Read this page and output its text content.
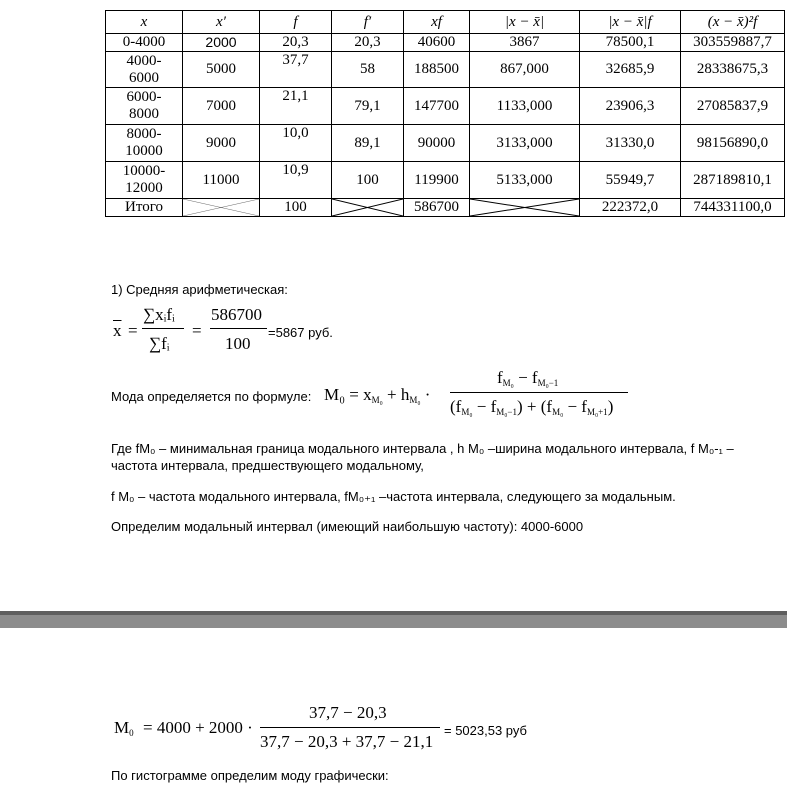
x	x′	f	f′	xf	|x − x̄|	|x − x̄|f	(x − x̄)²f
0-4000	2000	20,3	20,3	40600	3867	78500,1	303559887,7
4000-
6000	5000	37,7	58	188500	867,000	32685,9	28338675,3
6000-
8000	7000	21,1	79,1	147700	1133,000	23906,3	27085837,9
8000-
10000	9000	10,0	89,1	90000	3133,000	31330,0	98156890,0
10000-
12000	11000	10,9	100	119900	5133,000	55949,7	287189810,1
Итого		100		586700		222372,0	744331100,0
1) Средняя арифметическая:
$\overline{x}$ =
∑xᵢfᵢ
∑fᵢ
=
586700
100
=5867 руб.
Мода определяется по формуле: $M_0 = x_{M_0} + h_{M_0}$ ·
$f_{M_0} - f_{M_0-1}$
$(f_{M_0} - f_{M_0-1}) + (f_{M_0} - f_{M_0+1})$
Где fМ₀ – минимальная граница модального интервала , h М₀ –ширина модального интервала, f М₀-₁ –
частота интервала, предшествующего модальному,
f М₀ – частота модального интервала, fМ₀₊₁ –частота интервала, следующего за модальным.
Определим модальный интервал (имеющий наибольшую частоту): 4000-6000
$M_0 = 4000 + 2000$ ·
37,7 − 20,3
37,7 − 20,3 + 37,7 − 21,1
= 5023,53 руб
По гистограмме определим моду графически:
